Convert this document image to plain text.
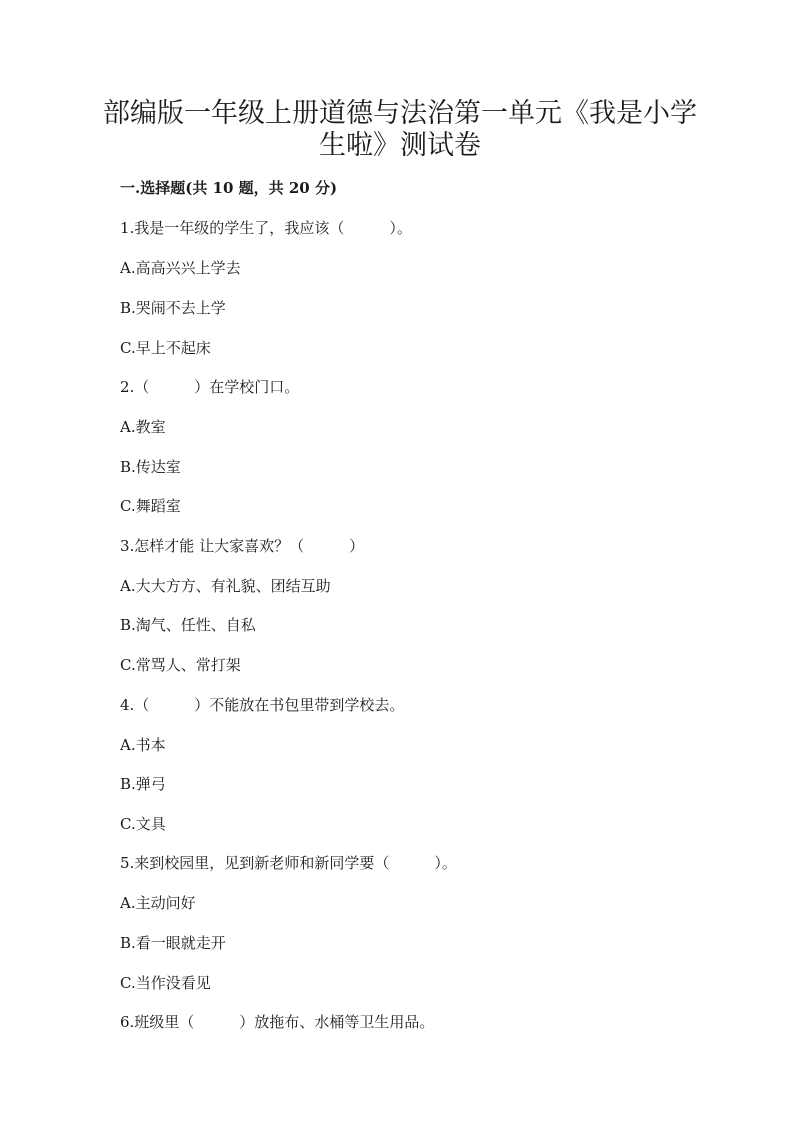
部编版一年级上册道德与法治第一单元《我是小学
生啦》测试卷
一.选择题(共 10 题，共 20 分)
1.我是一年级的学生了，我应该（　　　）。
A.高高兴兴上学去
B.哭闹不去上学
C.早上不起床
2.（　　　）在学校门口。
A.教室
B.传达室
C.舞蹈室
3.怎样才能 让大家喜欢？（　　　）
A.大大方方、有礼貌、团结互助
B.淘气、任性、自私
C.常骂人、常打架
4.（　　　）不能放在书包里带到学校去。
A.书本
B.弹弓
C.文具
5.来到校园里，见到新老师和新同学要（　　　）。
A.主动问好
B.看一眼就走开
C.当作没看见
6.班级里（　　　）放拖布、水桶等卫生用品。
